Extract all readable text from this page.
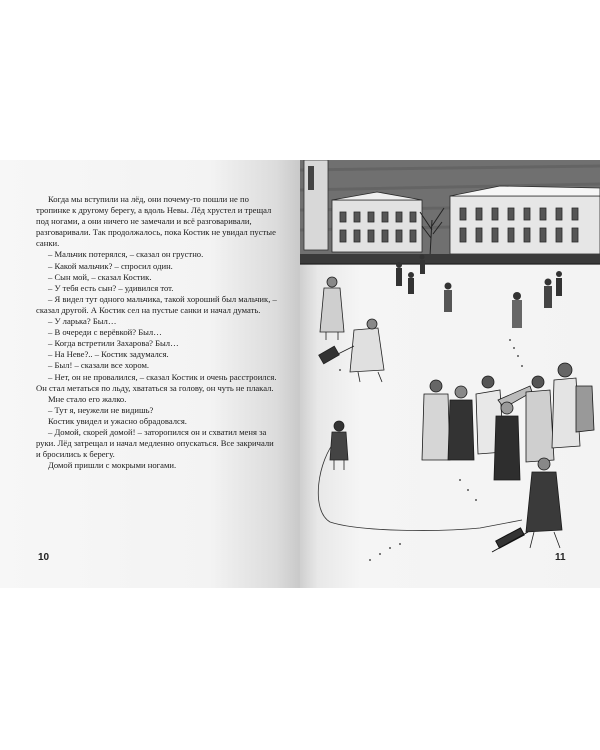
Когда мы вступили на лёд, они почему-то пошли не по тропинке к другому берегу, а вдоль Невы. Лёд хрустел и трещал под ногами, а они ничего не замечали и всё разговаривали, разговаривали. Так продолжалось, пока Костик не увидал пустые санки.

– Мальчик потерялся, – сказал он грустно.

– Какой мальчик? – спросил один.

– Сын мой, – сказал Костик.

– У тебя есть сын? – удивился тот.

– Я видел тут одного мальчика, такой хороший был мальчик, – сказал другой. А Костик сел на пустые санки и начал думать.

– У ларька? Был…

– В очереди с верёвкой? Был…

– Когда встретили Захарова? Был…

– На Неве?.. – Костик задумался.

– Был! – сказали все хором.

– Нет, он не провалился, – сказал Костик и очень расстроился. Он стал метаться по льду, хвататься за голову, он чуть не плакал.

Мне стало его жалко.

– Тут я, неужели не видишь?

Костик увидел и ужасно обрадовался.

– Домой, скорей домой! – заторопился он и схватил меня за руки. Лёд затрещал и начал медленно опускаться. Все закричали и бросились к берегу.

Домой пришли с мокрыми ногами.

10	11
